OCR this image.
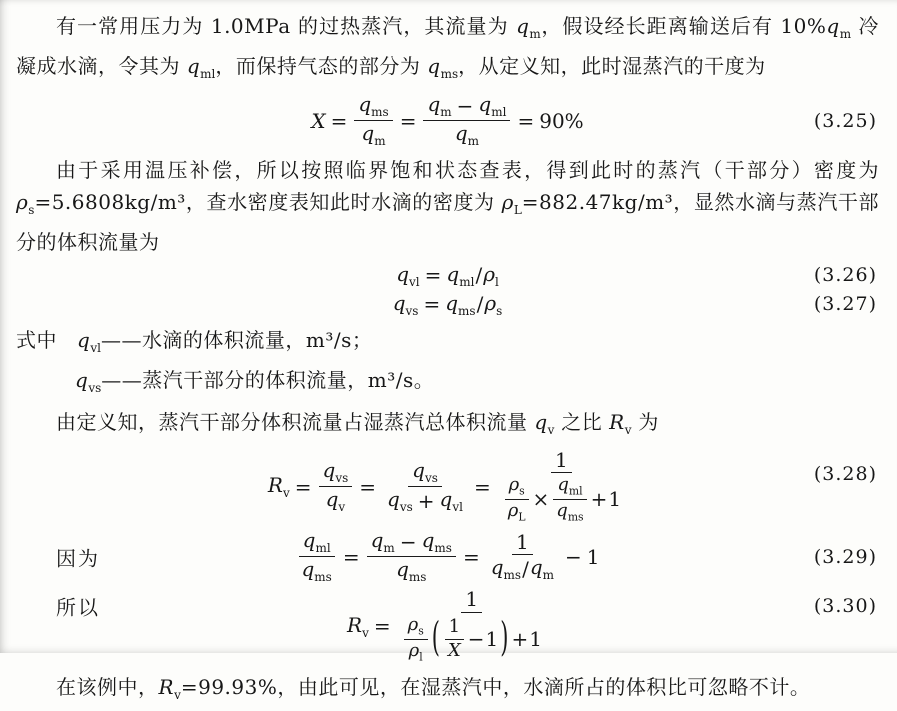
有一常用压力为 1.0MPa 的过热蒸汽，其流量为 $q_m$，假设经长距离输送后有 $10\%q_m$ 冷凝成水滴，令其为 $q_{ml}$，而保持气态的部分为 $q_{ms}$，从定义知，此时湿蒸汽的干度为

$X = \frac{q_{ms}}{q_m} = \frac{q_m - q_{ml}}{q_m} = 90\%$	(3.25)

由于采用温压补偿，所以按照临界饱和状态查表，得到此时的蒸汽（干部分）密度为 $\rho_s=5.6808kg/m^3$，查水密度表知此时水滴的密度为 $\rho_L=882.47kg/m^3$，显然水滴与蒸汽干部分的体积流量为

$q_{vl} = q_{ml} / \rho_l$	(3.26)
$q_{vs} = q_{ms} / \rho_s$	(3.27)
式中 $q_{vl}——$水滴的体积流量，m³/s；
$q_{vs}——$蒸汽干部分的体积流量，m³/s。

由定义知，蒸汽干部分体积流量占湿蒸汽总体积流量 $q_v$ 之比 $R_v$ 为

$R_v = \frac{q_{vs}}{q_v} = \frac{q_{vs}}{q_{vs} + q_{vl}}$ =
1
$\frac{\rho_s}{\rho_L} \times \frac{q_{ml}}{q_{ms}} + 1$
(3.28)
因为	$\frac{q_{ml}}{q_{ms}} = \frac{q_m - q_{ms}}{q_{ms}} = \frac{1}{q_{ms} / q_m} - 1$	(3.29)
所以
$R_v$ =
1
$\frac{\rho_s}{\rho_l}$ ( $\frac{1}{X} - 1$ ) + 1
(3.30)

在该例中，$R_v=99.93\%$，由此可见，在湿蒸汽中，水滴所占的体积比可忽略不计。
